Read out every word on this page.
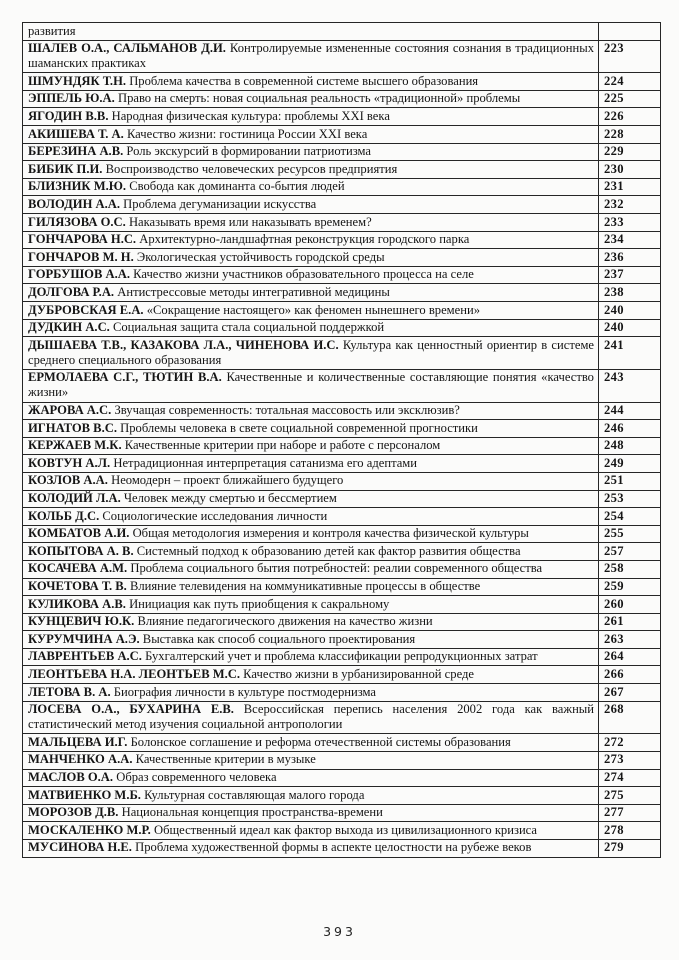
развития	
ШАЛЕВ О.А., САЛЬМАНОВ Д.И. Контролируемые измененные состояния сознания в традиционных шаманских практиках	223
ШМУНДЯК Т.Н. Проблема качества в современной системе высшего образования	224
ЭППЕЛЬ Ю.А. Право на смерть: новая социальная реальность «традиционной» проблемы	225
ЯГОДИН В.В. Народная физическая культура: проблемы XXI века	226
АКИШЕВА Т. А. Качество жизни: гостиница России XXI века	228
БЕРЕЗИНА А.В. Роль экскурсий в формировании патриотизма	229
БИБИК П.И. Воспроизводство человеческих ресурсов предприятия	230
БЛИЗНИК М.Ю. Свобода как доминанта со-бытия людей	231
ВОЛОДИН А.А. Проблема дегуманизации искусства	232
ГИЛЯЗОВА О.С. Наказывать время или наказывать временем?	233
ГОНЧАРОВА Н.С. Архитектурно-ландшафтная реконструкция городского парка	234
ГОНЧАРОВ М. Н. Экологическая устойчивость городской среды	236
ГОРБУШОВ А.А. Качество жизни участников образовательного процесса на селе	237
ДОЛГОВА Р.А. Антистрессовые методы интегративной медицины	238
ДУБРОВСКАЯ Е.А. «Сокращение настоящего» как феномен нынешнего времени»	240
ДУДКИН А.С. Социальная защита стала социальной поддержкой	240
ДЫШАЕВА Т.В., КАЗАКОВА Л.А., ЧИНЕНОВА И.С. Культура как ценностный ориентир в системе среднего специального образования	241
ЕРМОЛАЕВА С.Г., ТЮТИН В.А. Качественные и количественные составляющие понятия «качество жизни»	243
ЖАРОВА А.С. Звучащая современность: тотальная массовость или эксклюзив?	244
ИГНАТОВ В.С. Проблемы человека в свете социальной современной прогностики	246
КЕРЖАЕВ М.К. Качественные критерии при наборе и работе с персоналом	248
КОВТУН А.Л. Нетрадиционная интерпретация сатанизма его адептами	249
КОЗЛОВ А.А. Неомодерн – проект ближайшего будущего	251
КОЛОДИЙ Л.А. Человек между смертью и бессмертием	253
КОЛЬБ Д.С. Социологические исследования личности	254
КОМБАТОВ А.И. Общая методология измерения и контроля качества физической культуры	255
КОПЫТОВА А. В. Системный подход к образованию детей как фактор развития общества	257
КОСАЧЕВА А.М. Проблема социального бытия потребностей: реалии современного общества	258
КОЧЕТОВА Т. В. Влияние телевидения на коммуникативные процессы в обществе	259
КУЛИКОВА А.В. Инициация как путь приобщения к сакральному	260
КУНЦЕВИЧ Ю.К. Влияние педагогического движения на качество жизни	261
КУРУМЧИНА А.Э. Выставка как способ социального проектирования	263
ЛАВРЕНТЬЕВ А.С. Бухгалтерский учет и проблема классификации репродукционных затрат	264
ЛЕОНТЬЕВА Н.А. ЛЕОНТЬЕВ М.С. Качество жизни в урбанизированной среде	266
ЛЕТОВА В. А. Биография личности в культуре постмодернизма	267
ЛОСЕВА О.А., БУХАРИНА Е.В. Всероссийская перепись населения 2002 года как важный статистический метод изучения социальной антропологии	268
МАЛЬЦЕВА И.Г. Болонское соглашение и реформа отечественной системы образования	272
МАНЧЕНКО А.А. Качественные критерии в музыке	273
МАСЛОВ О.А. Образ современного человека	274
МАТВИЕНКО М.Б. Культурная составляющая малого города	275
МОРОЗОВ Д.В. Национальная концепция пространства-времени	277
МОСКАЛЕНКО М.Р. Общественный идеал как фактор выхода из цивилизационного кризиса	278
МУСИНОВА Н.Е. Проблема художественной формы в аспекте целостности на рубеже веков	279
393
